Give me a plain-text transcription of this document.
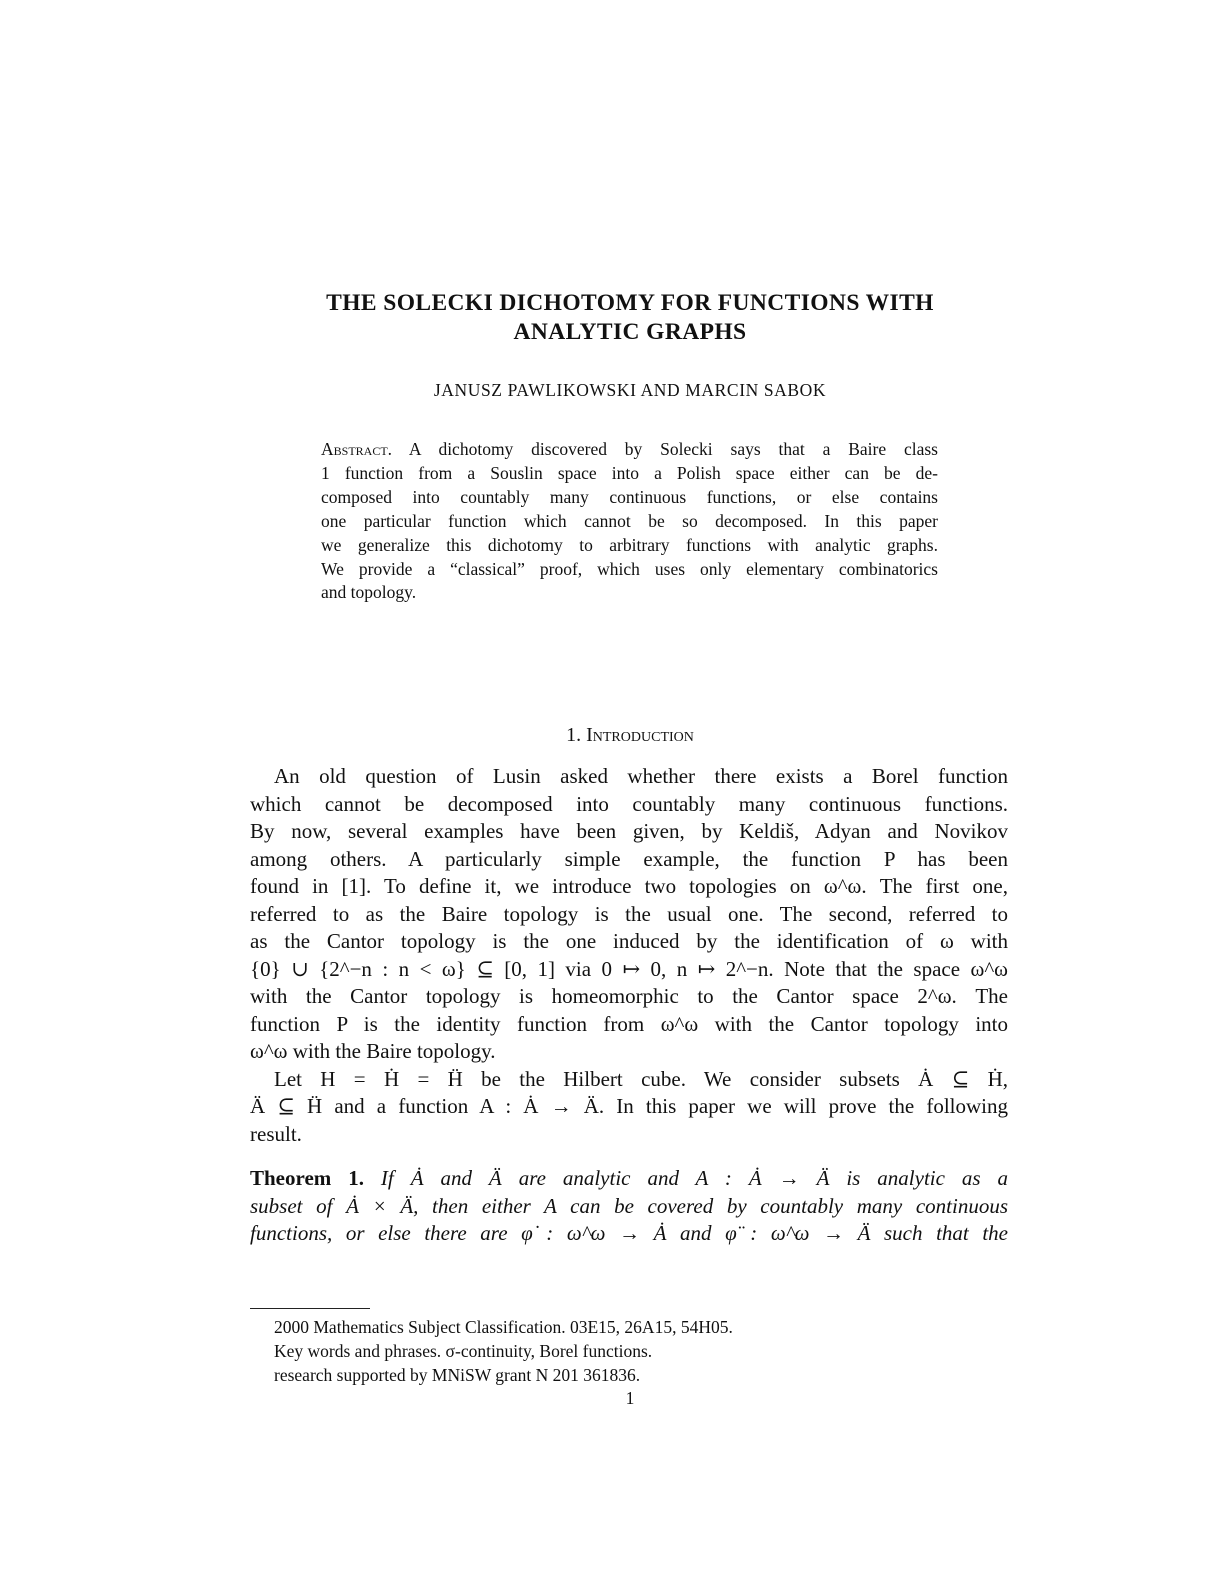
THE SOLECKI DICHOTOMY FOR FUNCTIONS WITH
ANALYTIC GRAPHS
JANUSZ PAWLIKOWSKI AND MARCIN SABOK
Abstract. A dichotomy discovered by Solecki says that a Baire class
1 function from a Souslin space into a Polish space either can be de-
composed into countably many continuous functions, or else contains
one particular function which cannot be so decomposed. In this paper
we generalize this dichotomy to arbitrary functions with analytic graphs.
We provide a “classical” proof, which uses only elementary combinatorics
and topology.
1. Introduction
An old question of Lusin asked whether there exists a Borel function
which cannot be decomposed into countably many continuous functions.
By now, several examples have been given, by Keldiš, Adyan and Novikov
among others. A particularly simple example, the function P has been
found in [1]. To define it, we introduce two topologies on ω^ω. The first one,
referred to as the Baire topology is the usual one. The second, referred to
as the Cantor topology is the one induced by the identification of ω with
{0} ∪ {2^−n : n < ω} ⊆ [0, 1] via 0 ↦ 0, n ↦ 2^−n. Note that the space ω^ω
with the Cantor topology is homeomorphic to the Cantor space 2^ω. The
function P is the identity function from ω^ω with the Cantor topology into
ω^ω with the Baire topology.
Let H = Ḣ = Ḧ be the Hilbert cube. We consider subsets Ȧ ⊆ Ḣ,
Ä ⊆ Ḧ and a function A : Ȧ → Ä. In this paper we will prove the following
result.
Theorem 1. If Ȧ and Ä are analytic and A : Ȧ → Ä is analytic as a
subset of Ȧ × Ä, then either A can be covered by countably many continuous
functions, or else there are φ̇ : ω^ω → Ȧ and φ̈ : ω^ω → Ä such that the
2000 Mathematics Subject Classification. 03E15, 26A15, 54H05.
Key words and phrases. σ-continuity, Borel functions.
research supported by MNiSW grant N 201 361836.
1
